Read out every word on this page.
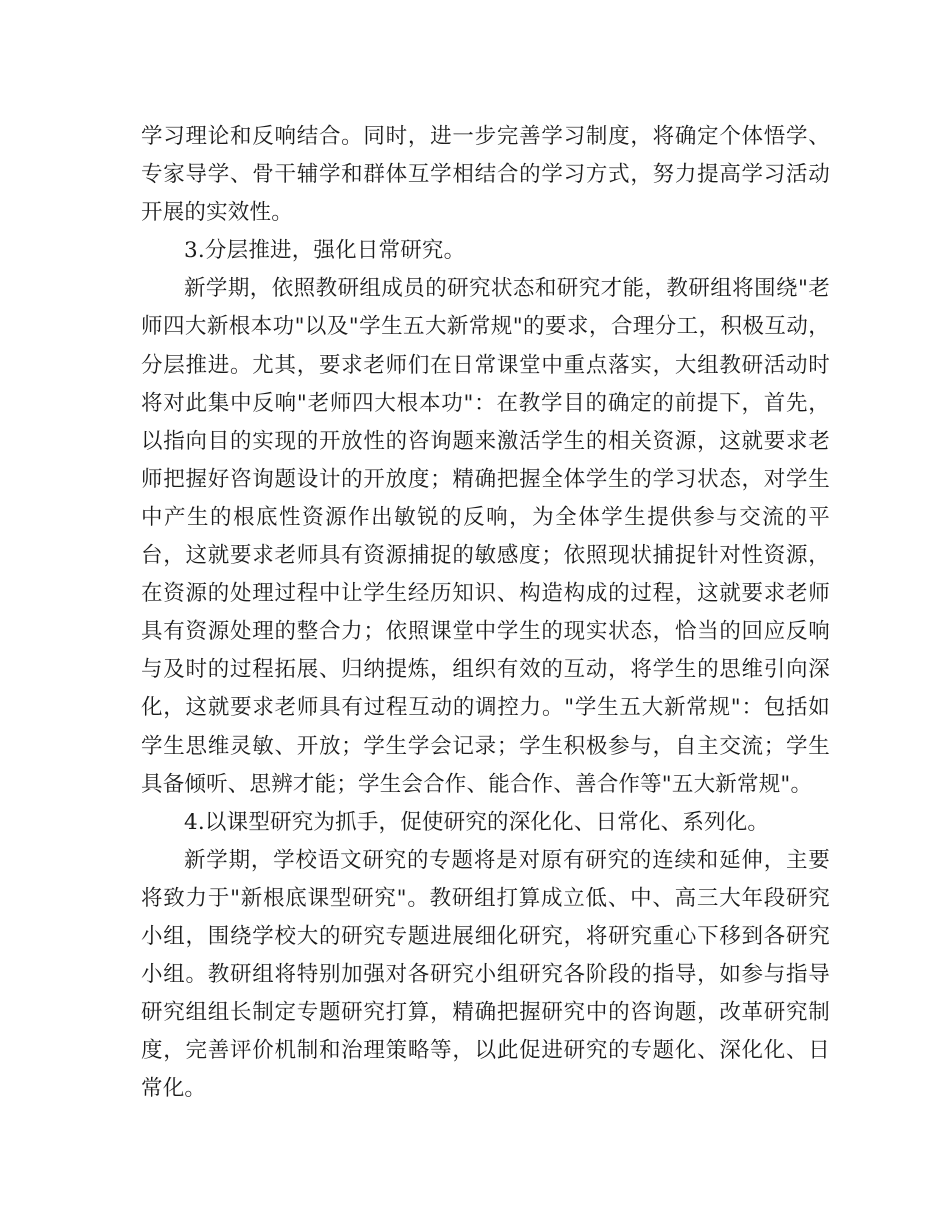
学习理论和反响结合。同时，进一步完善学习制度，将确定个体悟学、专家导学、骨干辅学和群体互学相结合的学习方式，努力提高学习活动开展的实效性。

3.分层推进，强化日常研究。

新学期，依照教研组成员的研究状态和研究才能，教研组将围绕"老师四大新根本功"以及"学生五大新常规"的要求，合理分工，积极互动，分层推进。尤其，要求老师们在日常课堂中重点落实，大组教研活动时将对此集中反响"老师四大根本功"：在教学目的确定的前提下，首先，以指向目的实现的开放性的咨询题来激活学生的相关资源，这就要求老师把握好咨询题设计的开放度；精确把握全体学生的学习状态，对学生中产生的根底性资源作出敏锐的反响，为全体学生提供参与交流的平台，这就要求老师具有资源捕捉的敏感度；依照现状捕捉针对性资源，在资源的处理过程中让学生经历知识、构造构成的过程，这就要求老师具有资源处理的整合力；依照课堂中学生的现实状态，恰当的回应反响与及时的过程拓展、归纳提炼，组织有效的互动，将学生的思维引向深化，这就要求老师具有过程互动的调控力。"学生五大新常规"：包括如学生思维灵敏、开放；学生学会记录；学生积极参与，自主交流；学生具备倾听、思辨才能；学生会合作、能合作、善合作等"五大新常规"。

4.以课型研究为抓手，促使研究的深化化、日常化、系列化。

新学期，学校语文研究的专题将是对原有研究的连续和延伸，主要将致力于"新根底课型研究"。教研组打算成立低、中、高三大年段研究小组，围绕学校大的研究专题进展细化研究，将研究重心下移到各研究小组。教研组将特别加强对各研究小组研究各阶段的指导，如参与指导研究组组长制定专题研究打算，精确把握研究中的咨询题，改革研究制度，完善评价机制和治理策略等，以此促进研究的专题化、深化化、日常化。
